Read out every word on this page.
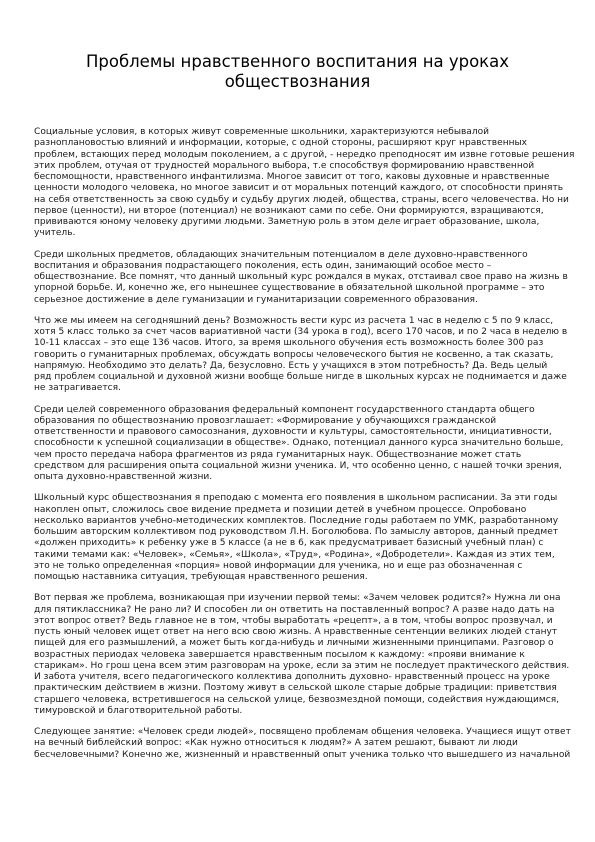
Проблемы нравственного воспитания на уроках
обществознания
Социальные условия, в которых живут современные школьники, характеризуются небывалой
разноплановостью влияний и информации, которые, с одной стороны, расширяют круг нравственных
проблем, встающих перед молодым поколением, а с другой, - нередко преподносят им извне готовые решения
этих проблем, отучая от трудностей морального выбора, т.е способствуя формированию нравственной
беспомощности, нравственного инфантилизма. Многое зависит от того, каковы духовные и нравственные
ценности молодого человека, но многое зависит и от моральных потенций каждого, от способности принять
на себя ответственность за свою судьбу и судьбу других людей, общества, страны, всего человечества. Но ни
первое (ценности), ни второе (потенциал) не возникают сами по себе. Они формируются, взращиваются,
прививаются юному человеку другими людьми. Заметную роль в этом деле играет образование, школа,
учитель.
Среди школьных предметов, обладающих значительным потенциалом в деле духовно-нравственного
воспитания и образования подрастающего поколения, есть один, занимающий особое место –
обществознание. Все помнят, что данный школьный курс рождался в муках, отстаивал свое право на жизнь в
упорной борьбе. И, конечно же, его нынешнее существование в обязательной школьной программе – это
серьезное достижение в деле гуманизации и гуманитаризации современного образования.
Что же мы имеем на сегодняшний день? Возможность вести курс из расчета 1 час в неделю с 5 по 9 класс,
хотя 5 класс только за счет часов вариативной части (34 урока в год), всего 170 часов, и по 2 часа в неделю в
10-11 классах – это еще 136 часов. Итого, за время школьного обучения есть возможность более 300 раз
говорить о гуманитарных проблемах, обсуждать вопросы человеческого бытия не косвенно, а так сказать,
напрямую. Необходимо это делать? Да, безусловно. Есть у учащихся в этом потребность? Да. Ведь целый
ряд проблем социальной и духовной жизни вообще больше нигде в школьных курсах не поднимается и даже
не затрагивается.
Среди целей современного образования федеральный компонент государственного стандарта общего
образования по обществознанию провозглашает: «Формирование у обучающихся гражданской
ответственности и правового самосознания, духовности и культуры, самостоятельности, инициативности,
способности к успешной социализации в обществе». Однако, потенциал данного курса значительно больше,
чем просто передача набора фрагментов из ряда гуманитарных наук. Обществознание может стать
средством для расширения опыта социальной жизни ученика. И, что особенно ценно, с нашей точки зрения,
опыта духовно-нравственной жизни.
Школьный курс обществознания я преподаю с момента его появления в школьном расписании. За эти годы
накоплен опыт, сложилось свое видение предмета и позиции детей в учебном процессе. Опробовано
несколько вариантов учебно-методических комплектов. Последние годы работаем по УМК, разработанному
большим авторским коллективом под руководством Л.Н. Боголюбова. По замыслу авторов, данный предмет
«должен приходить» к ребенку уже в 5 классе (а не в 6, как предусматривает базисный учебный план) с
такими темами как: «Человек», «Семья», «Школа», «Труд», «Родина», «Добродетели». Каждая из этих тем,
это не только определенная «порция» новой информации для ученика, но и еще раз обозначенная с
помощью наставника ситуация, требующая нравственного решения.
Вот первая же проблема, возникающая при изучении первой темы: «Зачем человек родится?» Нужна ли она
для пятиклассника? Не рано ли? И способен ли он ответить на поставленный вопрос? А разве надо дать на
этот вопрос ответ? Ведь главное не в том, чтобы выработать «рецепт», а в том, чтобы вопрос прозвучал, и
пусть юный человек ищет ответ на него всю свою жизнь. А нравственные сентенции великих людей станут
пищей для его размышлений, а может быть когда-нибудь и личными жизненными принципами. Разговор о
возрастных периодах человека завершается нравственным посылом к каждому: «прояви внимание к
старикам». Но грош цена всем этим разговорам на уроке, если за этим не последует практического действия.
И забота учителя, всего педагогического коллектива дополнить духовно- нравственный процесс на уроке
практическим действием в жизни. Поэтому живут в сельской школе старые добрые традиции: приветствия
старшего человека, встретившегося на сельской улице, безвозмездной помощи, содействия нуждающимся,
тимуровской и благотворительной работы.
Следующее занятие: «Человек среди людей», посвящено проблемам общения человека. Учащиеся ищут ответ
на вечный библейский вопрос: «Как нужно относиться к людям?» А затем решают, бывают ли люди
бесчеловечными? Конечно же, жизненный и нравственный опыт ученика только что вышедшего из начальной
